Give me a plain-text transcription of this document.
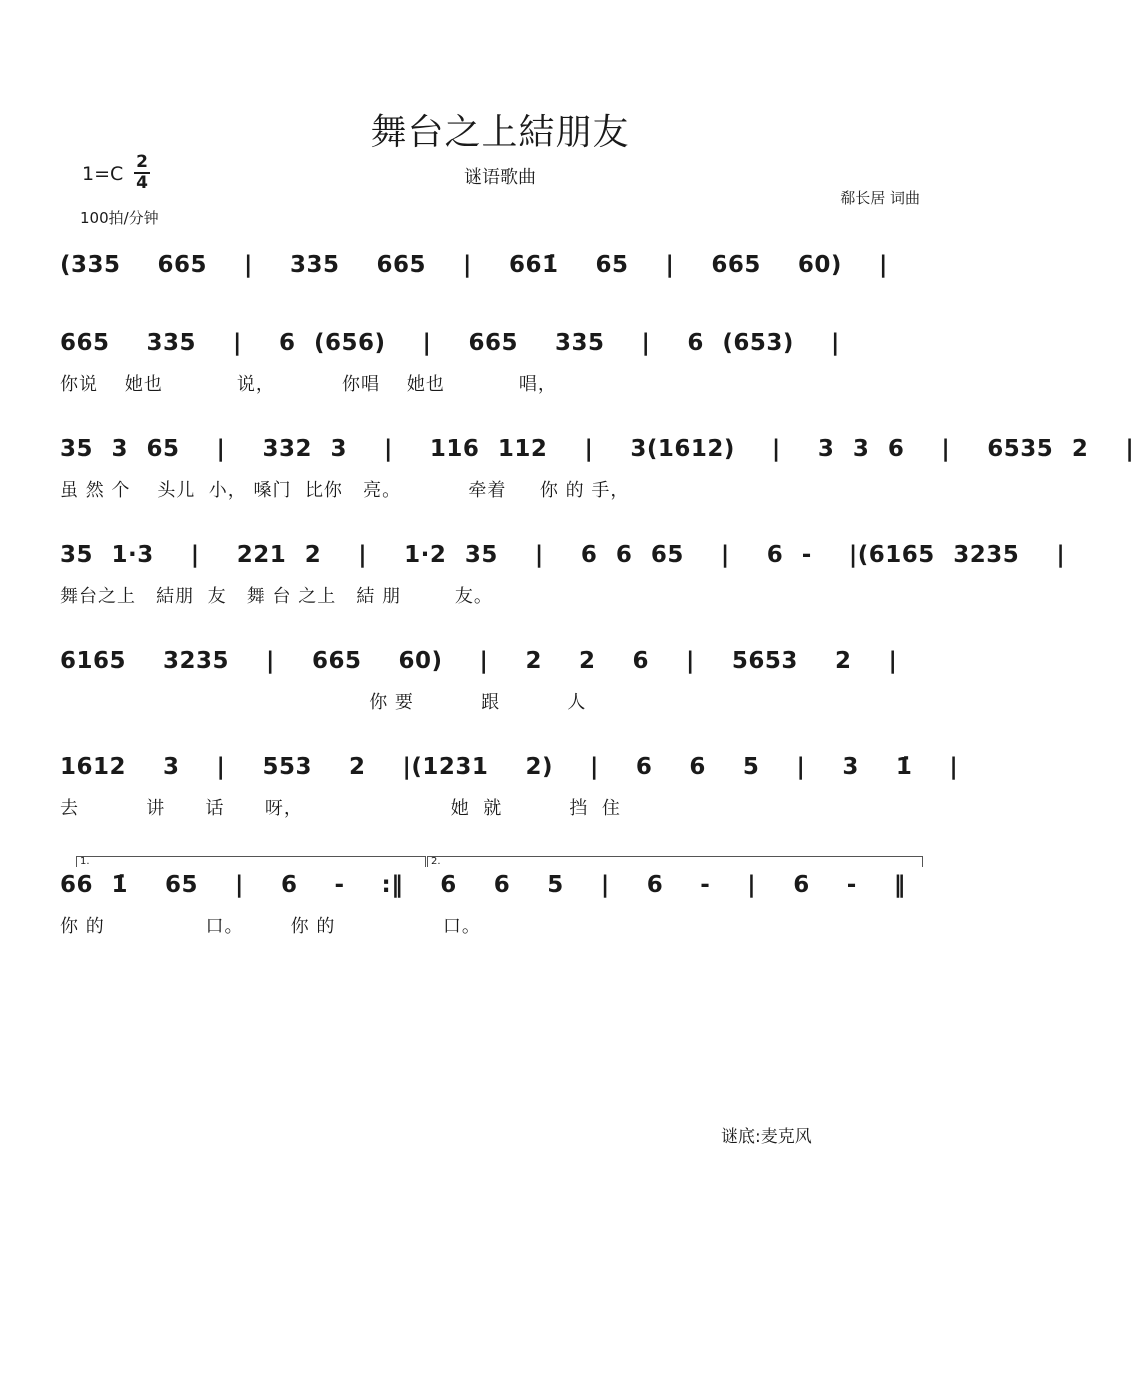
舞台之上結朋友
谜语歌曲
郗长居 词曲
1=C
2
4
100拍/分钟
(335  665  |  335  665  |  661̇  65  |  665  60)  |
665  335  |  6 (656)  |  665  335  |  6 (653)  |
你说    她也           说，          你唱    她也           唱，
35 3 65  |  332 3  |  116 112  |  3(1612)  |  3 3 6  |  6535 2  |
虽 然 个    头儿  小， 嗓门  比你   亮。          牵着     你 的 手，
35 1·3  |  221 2  |  1·2 35  |  6 6 65  |  6 -  |(6165 3235  |
舞台之上   結朋  友   舞 台 之上   結 朋        友。
6165  3235  |  665  60)  |  2  2  6  |  5653  2  |
你 要          跟          人
1612  3  |  553  2  |(1231  2)  |  6  6  5  |  3  1̇  |
去          讲      话      呀，                      她  就          挡  住
1.	2.
66 1̇  65  |  6  -  :‖  6  6  5  |  6  -  |  6  -  ‖
你 的               口。       你 的                口。
谜底:麦克风
